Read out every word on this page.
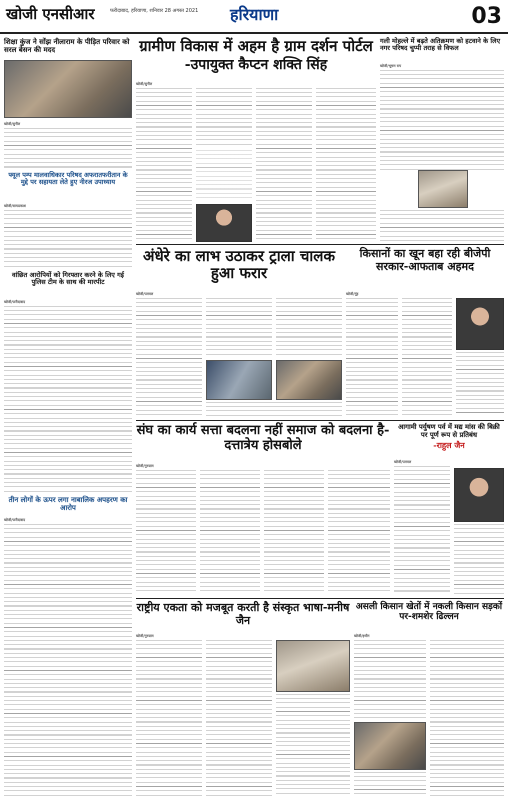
खोजी एनसीआर	फरीदाबाद, हरियाणा, शनिवार 28 अगस्त 2021 हरियाणा	03
शिक्षा कुंज ने सोंझ नीलाराम के पीड़ित परिवार को सरल बेसन की मदद
खोजी/सुनील
फ्यूल पम्प मालवाधिकार परिषद अफरातफरीतान के मुद्दे पर सहायता लेते हुए नीरज उपाध्याय
खोजी/सत्यप्रकाश
ग्रामीण विकास में अहम है ग्राम दर्शन पोर्टल
-उपायुक्त कैप्टन शक्ति सिंह
खोजी/सुनील
गली मोहल्ले में बढ़ते अतिक्रमण को हटवाने के लिए नगर परिषद चुप्पी तराह से विफल
खोजी/भूषण राय
अंधेरे का लाभ उठाकर ट्राला चालक हुआ फरार
खोजी/पलवल
किसानों का खून बहा रही बीजेपी सरकार-आफताब अहमद
खोजी/नूंह
वांछित आरोपियों को गिरफ्तार करने के लिए गई पुलिस टीम के साथ की मारपीट
खोजी/फरीदाबाद
तीन लोगों के ऊपर लगा नाबालिक अपहरण का आरोप
खोजी/फरीदाबाद
संघ का कार्य सत्ता बदलना नहीं समाज को बदलना है-दत्तात्रेय होसबोले
खोजी/गुरुग्राम
आगामी पर्युषण पर्व में मद्य मांस की बिक्री पर पूर्ण रूप से प्रतिबंध
-राहुल जैन
खोजी/पलवल
राष्ट्रीय एकता को मजबूत करती है संस्कृत भाषा-मनीष जैन
खोजी/गुरुग्राम
असली किसान खेतों में नकली किसान सड़कों पर-शमशेर ढिल्लन
खोजी/हथीन
